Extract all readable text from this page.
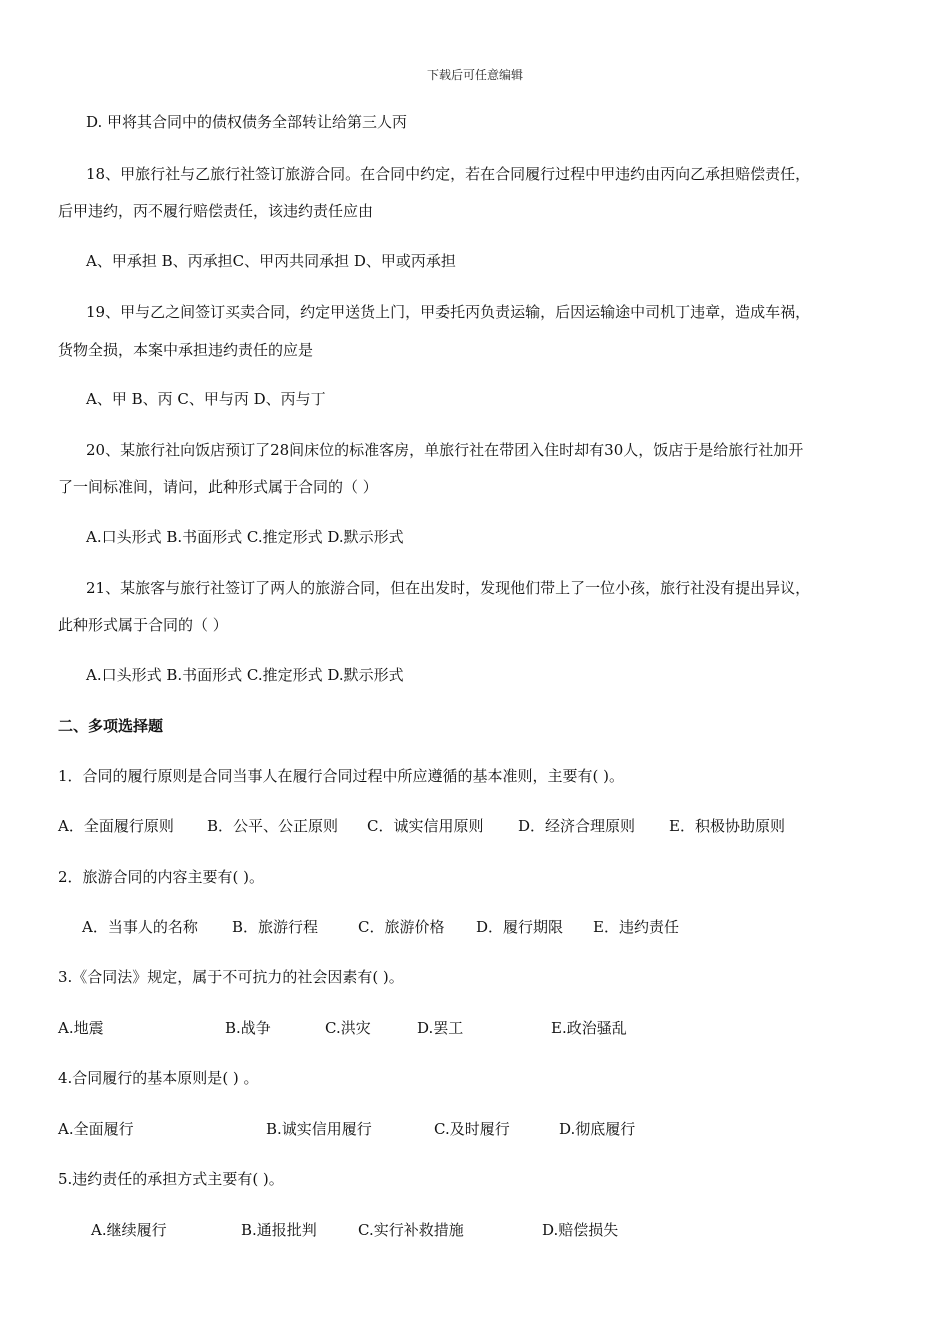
下载后可任意编辑
D. 甲将其合同中的债权债务全部转让给第三人丙
18、甲旅行社与乙旅行社签订旅游合同。在合同中约定，若在合同履行过程中甲违约由丙向乙承担赔偿责任，
后甲违约，丙不履行赔偿责任，该违约责任应由
A、甲承担 B、丙承担C、甲丙共同承担 D、甲或丙承担
19、甲与乙之间签订买卖合同，约定甲送货上门，甲委托丙负责运输，后因运输途中司机丁违章，造成车祸，
货物全损，本案中承担违约责任的应是
A、甲 B、丙 C、甲与丙 D、丙与丁
20、某旅行社向饭店预订了28间床位的标准客房，单旅行社在带团入住时却有30人，饭店于是给旅行社加开
了一间标准间，请问，此种形式属于合同的（ ）
A.口头形式 B.书面形式 C.推定形式 D.默示形式
21、某旅客与旅行社签订了两人的旅游合同，但在出发时，发现他们带上了一位小孩，旅行社没有提出异议，
此种形式属于合同的（ ）
A.口头形式 B.书面形式 C.推定形式 D.默示形式
二、多项选择题
1．合同的履行原则是合同当事人在履行合同过程中所应遵循的基本准则，主要有( )。
A．全面履行原则 B．公平、公正原则 C．诚实信用原则 D．经济合理原则 E．积极协助原则
2．旅游合同的内容主要有( )。
A．当事人的名称 B．旅游行程	C．旅游价格 D．履行期限 E．违约责任
3.《合同法》规定，属于不可抗力的社会因素有( )。
A.地震	B.战争	C.洪灾	D.罢工	E.政治骚乱
4.合同履行的基本原则是( ) 。
A.全面履行	B.诚实信用履行	C.及时履行	D.彻底履行
5.违约责任的承担方式主要有( )。
A.继续履行	B.通报批判	C.实行补救措施	D.赔偿损失
